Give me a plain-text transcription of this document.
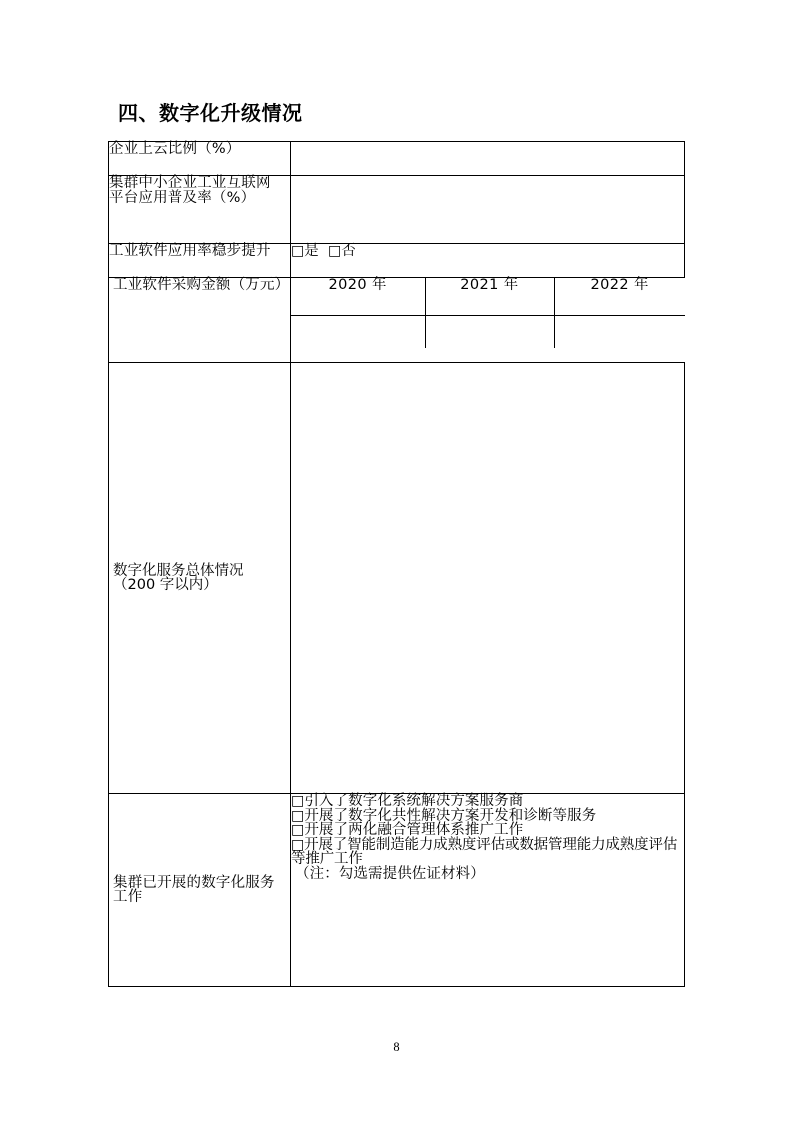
四、数字化升级情况
企业上云比例（%）	

集群中小企业工业互联网
平台应用普及率（%）

工业软件应用率稳步提升	□是 □否
工业软件采购金额（万元）		2020 年	2021 年	2022 年

数字化服务总体情况
（200 字以内）

集群已开展的数字化服务
工作

□引入了数字化系统解决方案服务商
□开展了数字化共性解决方案开发和诊断等服务
□开展了两化融合管理体系推广工作
□开展了智能制造能力成熟度评估或数据管理能力成熟度评估等推广工作
（注：勾选需提供佐证材料）
8
